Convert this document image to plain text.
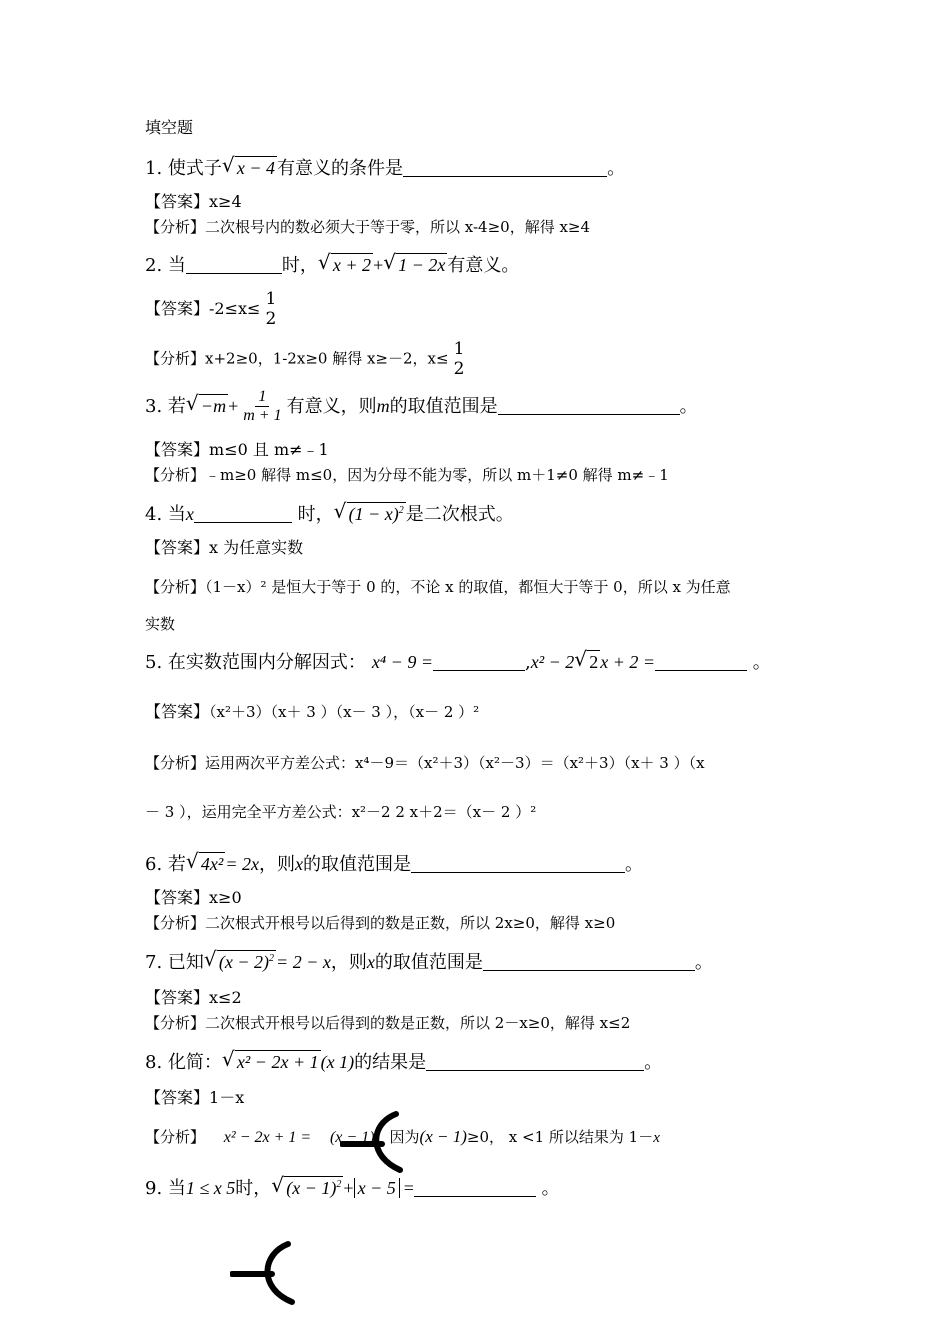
填空题
1. 使式子 √ x − 4 有意义的条件是	。
【答案】x≥4
【分析】二次根号内的数必须大于等于零，所以 x-4≥0，解得 x≥4
2. 当	时， √ x + 2 + √ 1 − 2x 有意义。
【答案】-2≤x≤ 1
2
【分析】x+2≥0，1-2x≥0 解得 x≥－2，x≤ 1
2
3. 若 √ $-m + \frac{1}{m + 1}$ 有意义，则m的取值范围是	。
【答案】m≤0 且 m≠﹣1
【分析】﹣m≥0 解得 m≤0，因为分母不能为零，所以 m＋1≠0 解得 m≠﹣1
4. 当x	时， √ $(1 - x)^2$ 是二次根式。
【答案】x 为任意实数
【分析】（1－x）² 是恒大于等于 0 的，不论 x 的取值，都恒大于等于 0，所以 x 为任意
实数
5. 在实数范围内分解因式： x⁴ − 9 =	,x² − 2 √ 2 x + 2 =	。
【答案】（x²＋3）（x＋ 3 ）（x－ 3 ），（x－ 2 ）²
【分析】运用两次平方差公式：x⁴－9＝（x²＋3）（x²－3）＝（x²＋3）（x＋ 3 ）（x
－ 3 ），运用完全平方差公式：x²－2 2 x＋2＝（x－ 2 ）²
6. 若 √ 4x² = 2x，则x的取值范围是	。
【答案】x≥0
【分析】二次根式开根号以后得到的数是正数，所以 2x≥0，解得 x≥0
7. 已知 √ $(x - 2)^2 = 2 - x$，则x的取值范围是	。
【答案】x≤2
【分析】二次根式开根号以后得到的数是正数，所以 2－x≥0，解得 x≤2
8. 化简： √ x² − 2x + 1 (x 1)的结果是	。
【答案】1－x
【分析】 x² − 2x + 1 = (x − 1)，因为(x − 1)≥0， x <1 所以结果为 1－x
9. 当1 ≤ x 5时， √ $(x - 1)^2 + x - 5$ =	。
